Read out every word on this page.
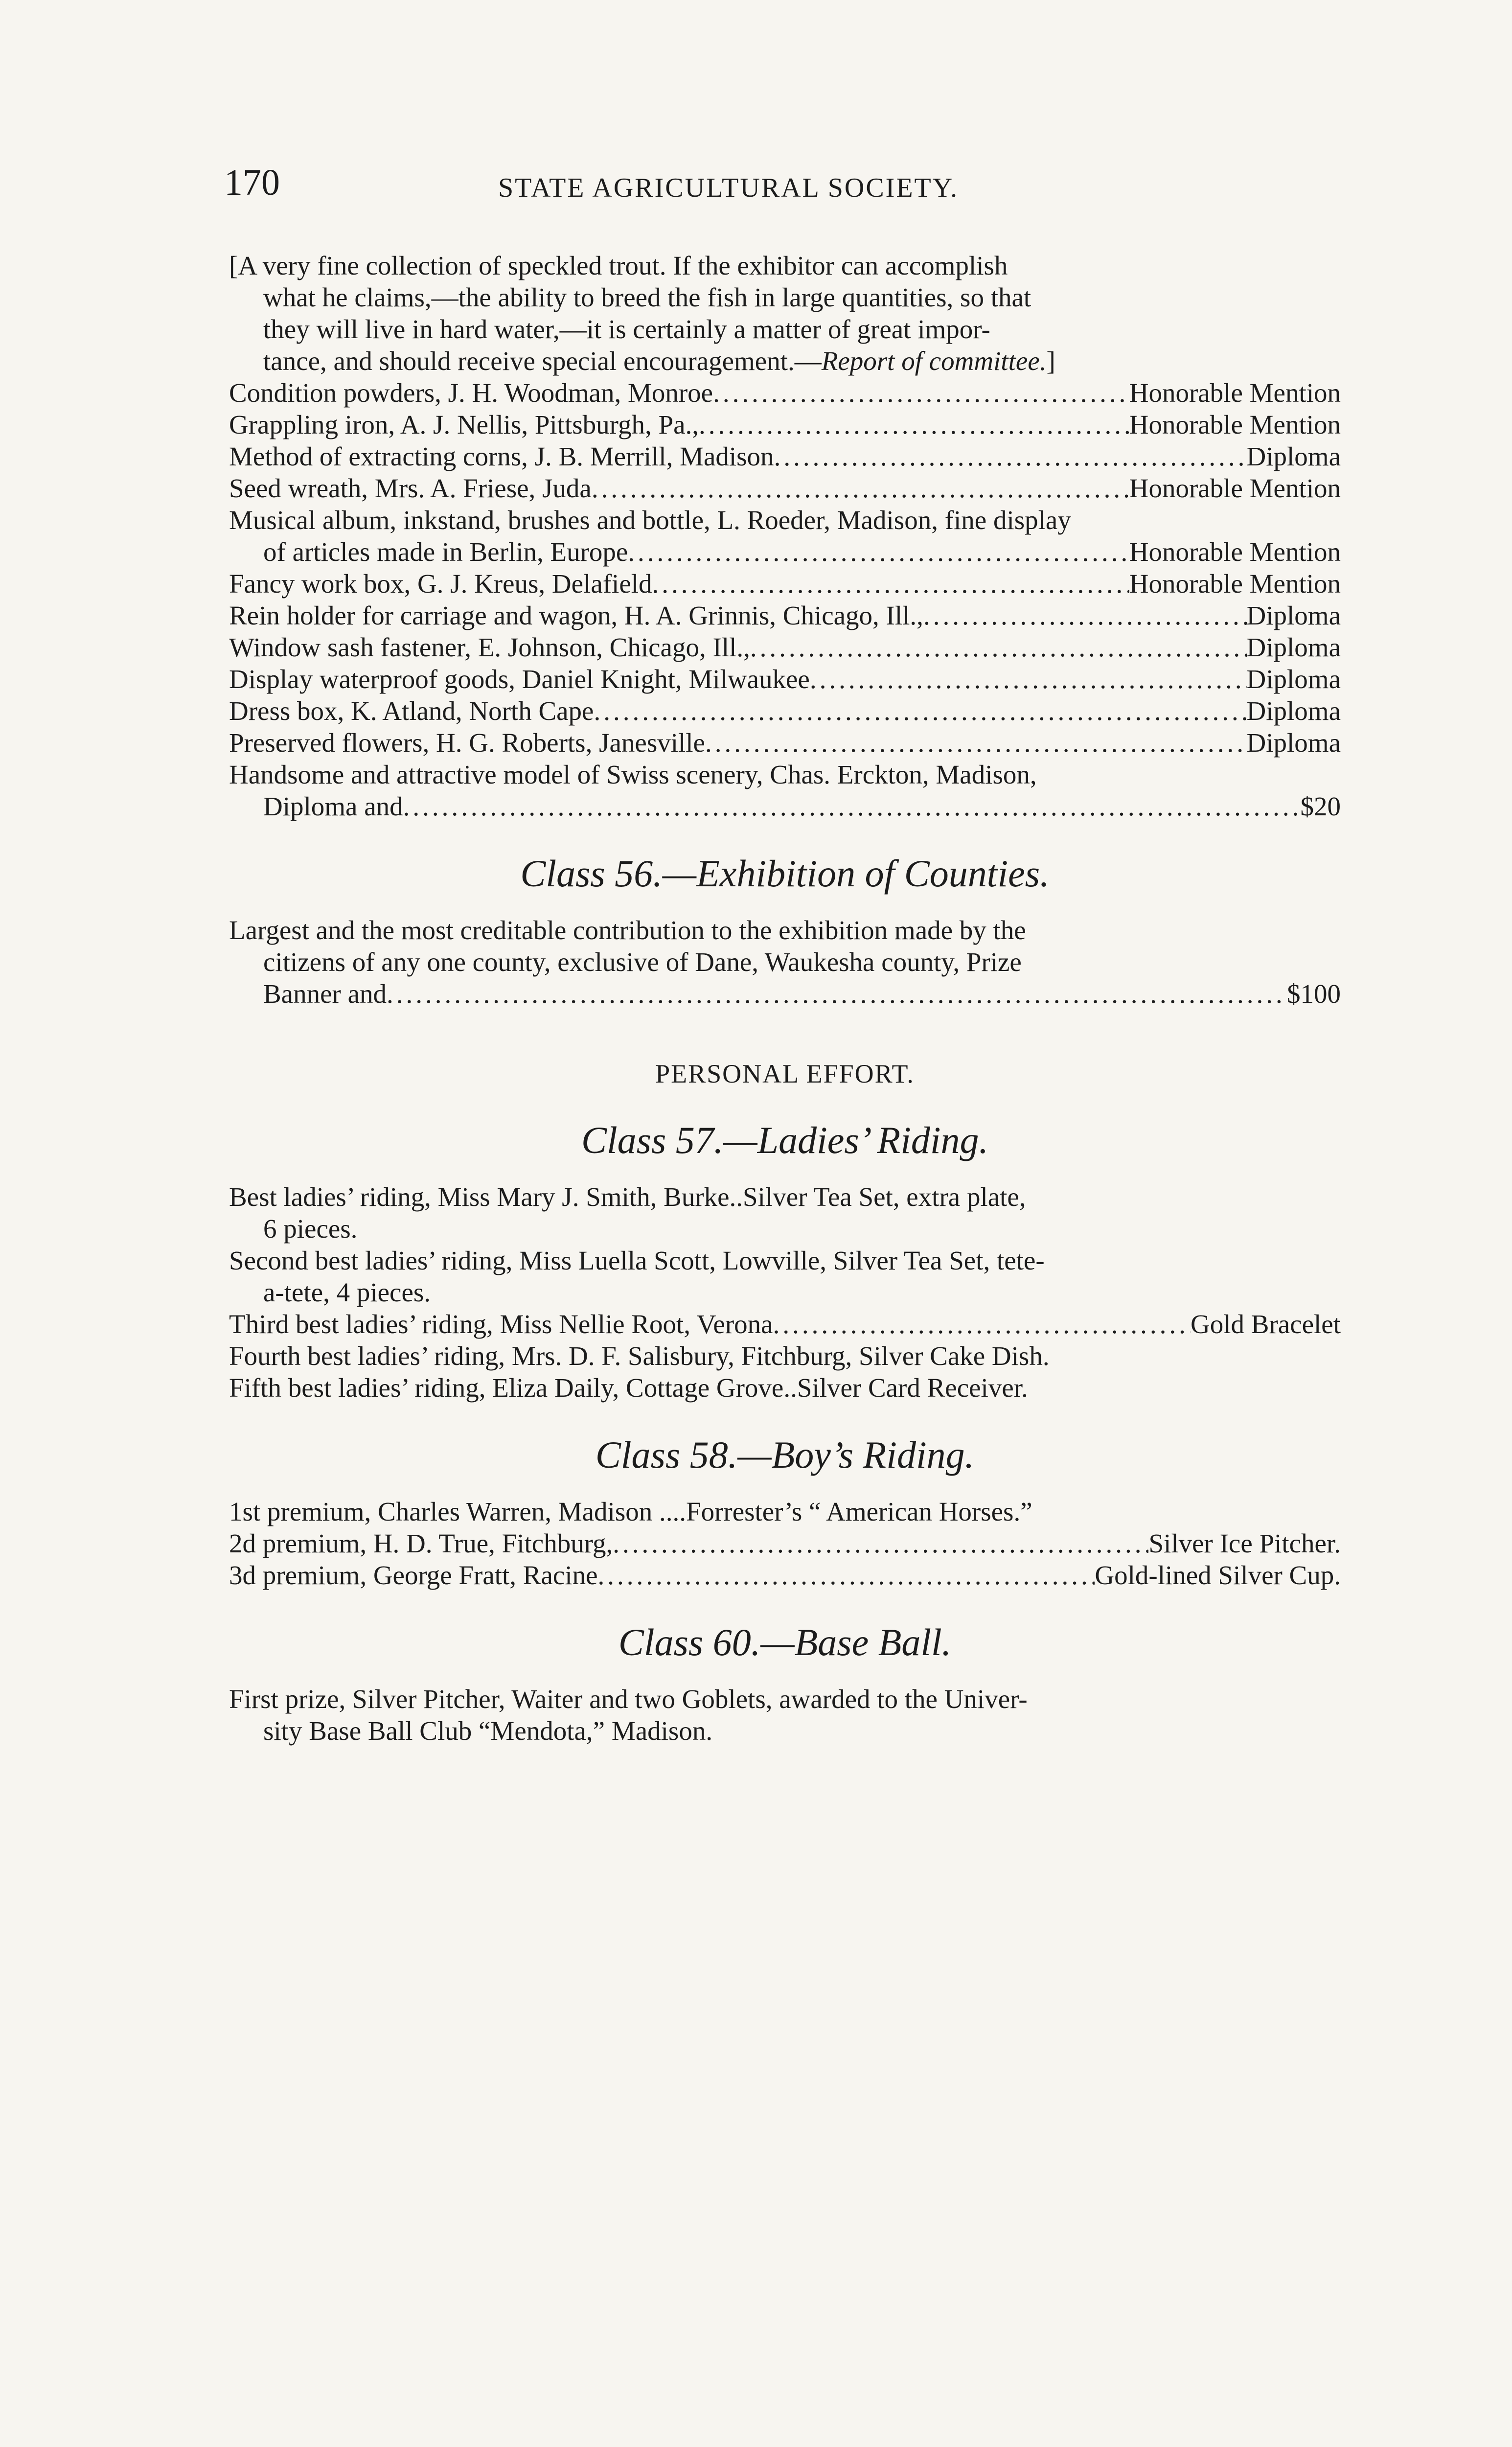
170	STATE AGRICULTURAL SOCIETY.
[A very fine collection of speckled trout. If the exhibitor can accomplish
what he claims,—the ability to breed the fish in large quantities, so that
they will live in hard water,—it is certainly a matter of great impor-
tance, and should receive special encouragement.—Report of committee.]
Condition powders, J. H. Woodman, Monroe .....	Honorable Mention
Grappling iron, A. J. Nellis, Pittsburgh, Pa., .....	Honorable Mention
Method of extracting corns, J. B. Merrill, Madison .....	Diploma
Seed wreath, Mrs. A. Friese, Juda .....	Honorable Mention
Musical album, inkstand, brushes and bottle, L. Roeder, Madison, fine display
of articles made in Berlin, Europe .....	Honorable Mention
Fancy work box, G. J. Kreus, Delafield .....	Honorable Mention
Rein holder for carriage and wagon, H. A. Grinnis, Chicago, Ill., .....	Diploma
Window sash fastener, E. Johnson, Chicago, Ill., .....	Diploma
Display waterproof goods, Daniel Knight, Milwaukee .....	Diploma
Dress box, K. Atland, North Cape .....	Diploma
Preserved flowers, H. G. Roberts, Janesville .....	Diploma
Handsome and attractive model of Swiss scenery, Chas. Erckton, Madison,
Diploma and .....	$20
Class 56.—Exhibition of Counties.
Largest and the most creditable contribution to the exhibition made by the
citizens of any one county, exclusive of Dane, Waukesha county, Prize
Banner and .....	$100
PERSONAL EFFORT.
Class 57.—Ladies’ Riding.
Best ladies’ riding, Miss Mary J. Smith, Burke..Silver Tea Set, extra plate,
6 pieces.
Second best ladies’ riding, Miss Luella Scott, Lowville, Silver Tea Set, tete-
a-tete, 4 pieces.
Third best ladies’ riding, Miss Nellie Root, Verona .....	Gold Bracelet
Fourth best ladies’ riding, Mrs. D. F. Salisbury, Fitchburg, Silver Cake Dish.
Fifth best ladies’ riding, Eliza Daily, Cottage Grove..Silver Card Receiver.
Class 58.—Boy’s Riding.
1st premium, Charles Warren, Madison ....Forrester’s “ American Horses.”
2d premium, H. D. True, Fitchburg, .....	Silver Ice Pitcher.
3d premium, George Fratt, Racine .....	Gold-lined Silver Cup.
Class 60.—Base Ball.
First prize, Silver Pitcher, Waiter and two Goblets, awarded to the Univer-
sity Base Ball Club “Mendota,” Madison.
